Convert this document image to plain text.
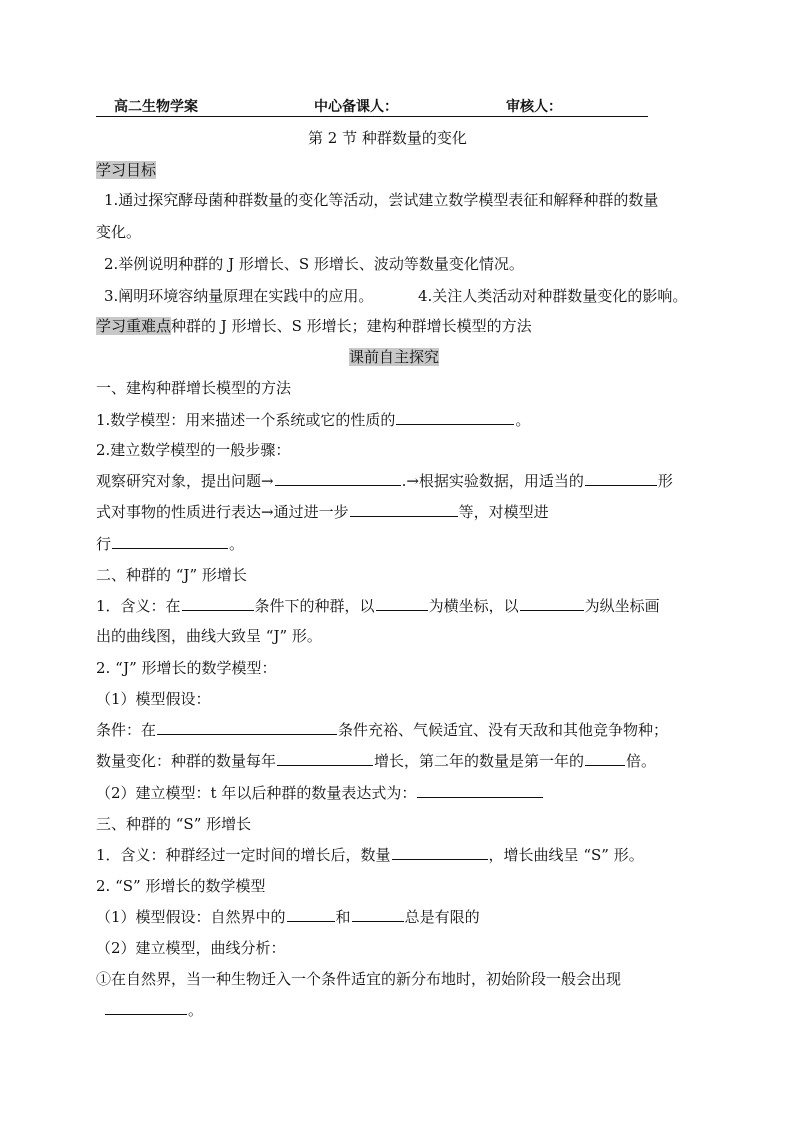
高二生物学案	中心备课人：	审核人：
第 2 节 种群数量的变化
学习目标
1.通过探究酵母菌种群数量的变化等活动，尝试建立数学模型表征和解释种群的数量
变化。
2.举例说明种群的 J 形增长、S 形增长、波动等数量变化情况。
3.阐明环境容纳量原理在实践中的应用。	4.关注人类活动对种群数量变化的影响。
学习重难点种群的 J 形增长、S 形增长；建构种群增长模型的方法
课前自主探究
一、建构种群增长模型的方法
1.数学模型：用来描述一个系统或它的性质的	。
2.建立数学模型的一般步骤：
观察研究对象，提出问题→	.→根据实验数据，用适当的	形
式对事物的性质进行表达→通过进一步	等，对模型进
行	。
二、种群的 “J” 形增长
1．含义：在	条件下的种群，以	为横坐标，以	为纵坐标画
出的曲线图，曲线大致呈 “J” 形。
2. “J” 形增长的数学模型：
（1）模型假设：
条件：在	条件充裕、气候适宜、没有天敌和其他竞争物种；
数量变化：种群的数量每年	增长，第二年的数量是第一年的	倍。
（2）建立模型：t 年以后种群的数量表达式为：
三、种群的 “S” 形增长
1．含义：种群经过一定时间的增长后，数量	，增长曲线呈 “S” 形。
2. “S” 形增长的数学模型
（1）模型假设：自然界中的	和	总是有限的
（2）建立模型，曲线分析：
①在自然界，当一种生物迁入一个条件适宜的新分布地时，初始阶段一般会出现
。
